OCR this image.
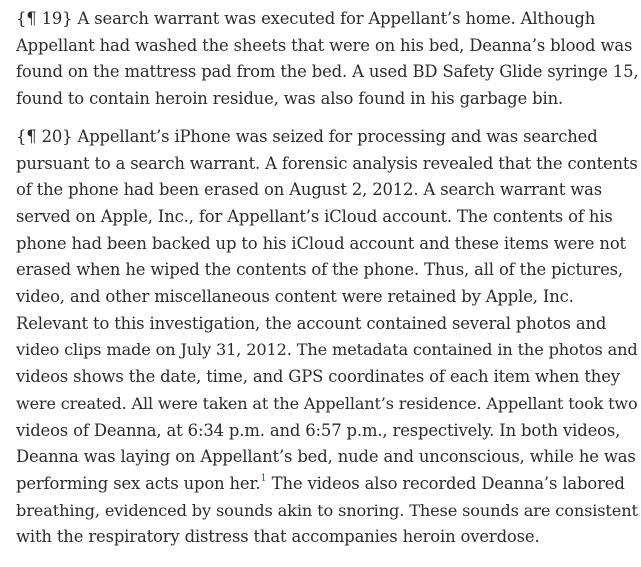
{¶ 19} A search warrant was executed for Appellant’s home. Although
Appellant had washed the sheets that were on his bed, Deanna’s blood was
found on the mattress pad from the bed. A used BD Safety Glide syringe 15,
found to contain heroin residue, was also found in his garbage bin.

{¶ 20} Appellant’s iPhone was seized for processing and was searched
pursuant to a search warrant. A forensic analysis revealed that the contents
of the phone had been erased on August 2, 2012. A search warrant was
served on Apple, Inc., for Appellant’s iCloud account. The contents of his
phone had been backed up to his iCloud account and these items were not
erased when he wiped the contents of the phone. Thus, all of the pictures,
video, and other miscellaneous content were retained by Apple, Inc.
Relevant to this investigation, the account contained several photos and
video clips made on July 31, 2012. The metadata contained in the photos and
videos shows the date, time, and GPS coordinates of each item when they
were created. All were taken at the Appellant’s residence. Appellant took two
videos of Deanna, at 6:34 p.m. and 6:57 p.m., respectively. In both videos,
Deanna was laying on Appellant’s bed, nude and unconscious, while he was
performing sex acts upon her.$^1$ The videos also recorded Deanna’s labored
breathing, evidenced by sounds akin to snoring. These sounds are consistent
with the respiratory distress that accompanies heroin overdose.
